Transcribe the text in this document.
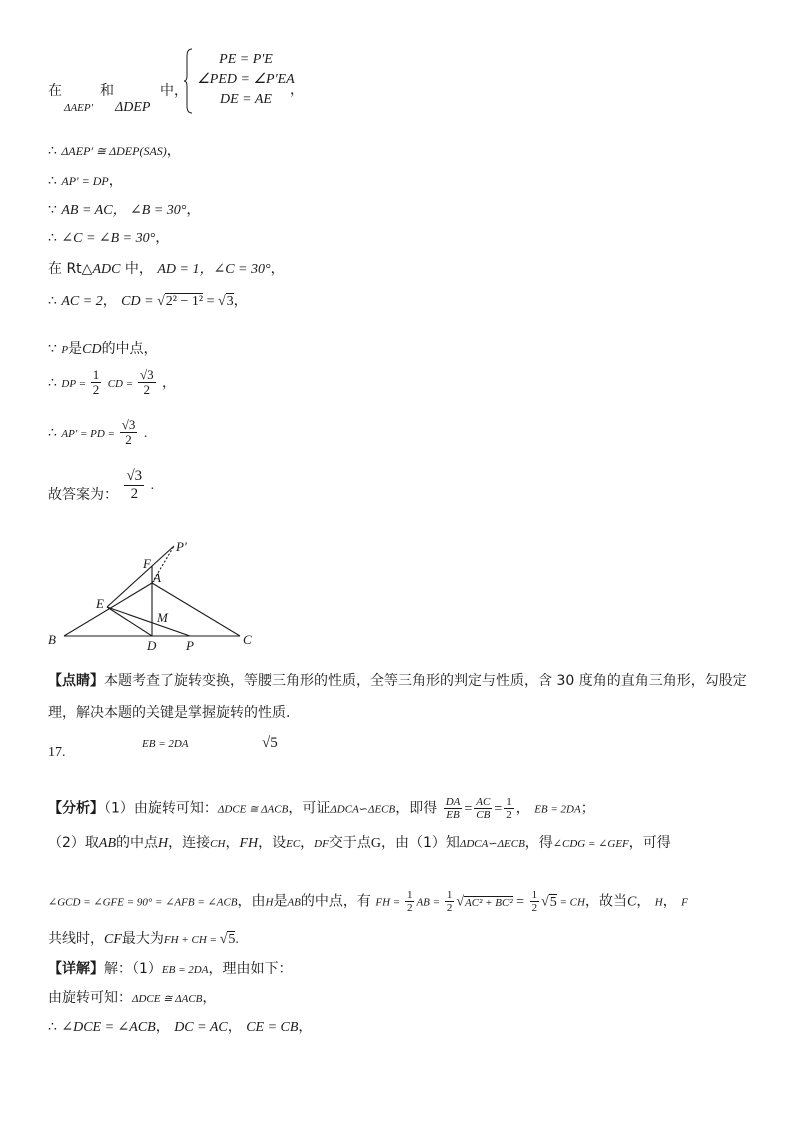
在
ΔAEP′
和
ΔDEP
中，
PE = P′E
∠PED = ∠P′EA
DE = AE
，
∴ ΔAEP′ ≅ ΔDEP(SAS)，
∴ AP′ = DP，
∵ AB = AC， ∠B = 30°，
∴ ∠C = ∠B = 30°，
在 Rt△ADC 中， AD = 1，∠C = 30°，
∴ AC = 2， CD = √2² − 1² = √3，
∵ P是CD的中点，
∴ DP = $\frac{1}{2}$ CD = $\frac{√3}{2}$ ，
∴ AP′ = PD = $\frac{√3}{2}$ .
故答案为： $\frac{√3}{2}$ .
B	C
D P
A
E
F
M
P′
【点睛】本题考查了旋转变换，等腰三角形的性质，全等三角形的判定与性质，含 30 度角的直角三角形，勾股定
理，解决本题的关键是掌握旋转的性质.
17.
EB = 2DA	√5
【分析】（1）由旋转可知：ΔDCE ≅ ΔACB，可证ΔDCA∽ΔECB，即得 $\frac{DA}{EB} = \frac{AC}{CB} = \frac{1}{2}$ ， EB = 2DA；
（2）取AB的中点H，连接CH，FH，设EC，DF交于点G，由（1）知ΔDCA∽ΔECB，得∠CDG = ∠GEF，可得
∠GCD = ∠GFE = 90° = ∠AFB = ∠ACB，由H是AB的中点，有 FH = $\frac{1}{2}$ AB = $\frac{1}{2} √AC^2 + BC^2 = \frac{1}{2} √5$ = CH，故当C， H， F
共线时，CF最大为FH + CH = √5.
【详解】解：（1）EB = 2DA，理由如下：
由旋转可知：ΔDCE ≅ ΔACB，
∴ ∠DCE = ∠ACB， DC = AC， CE = CB，
